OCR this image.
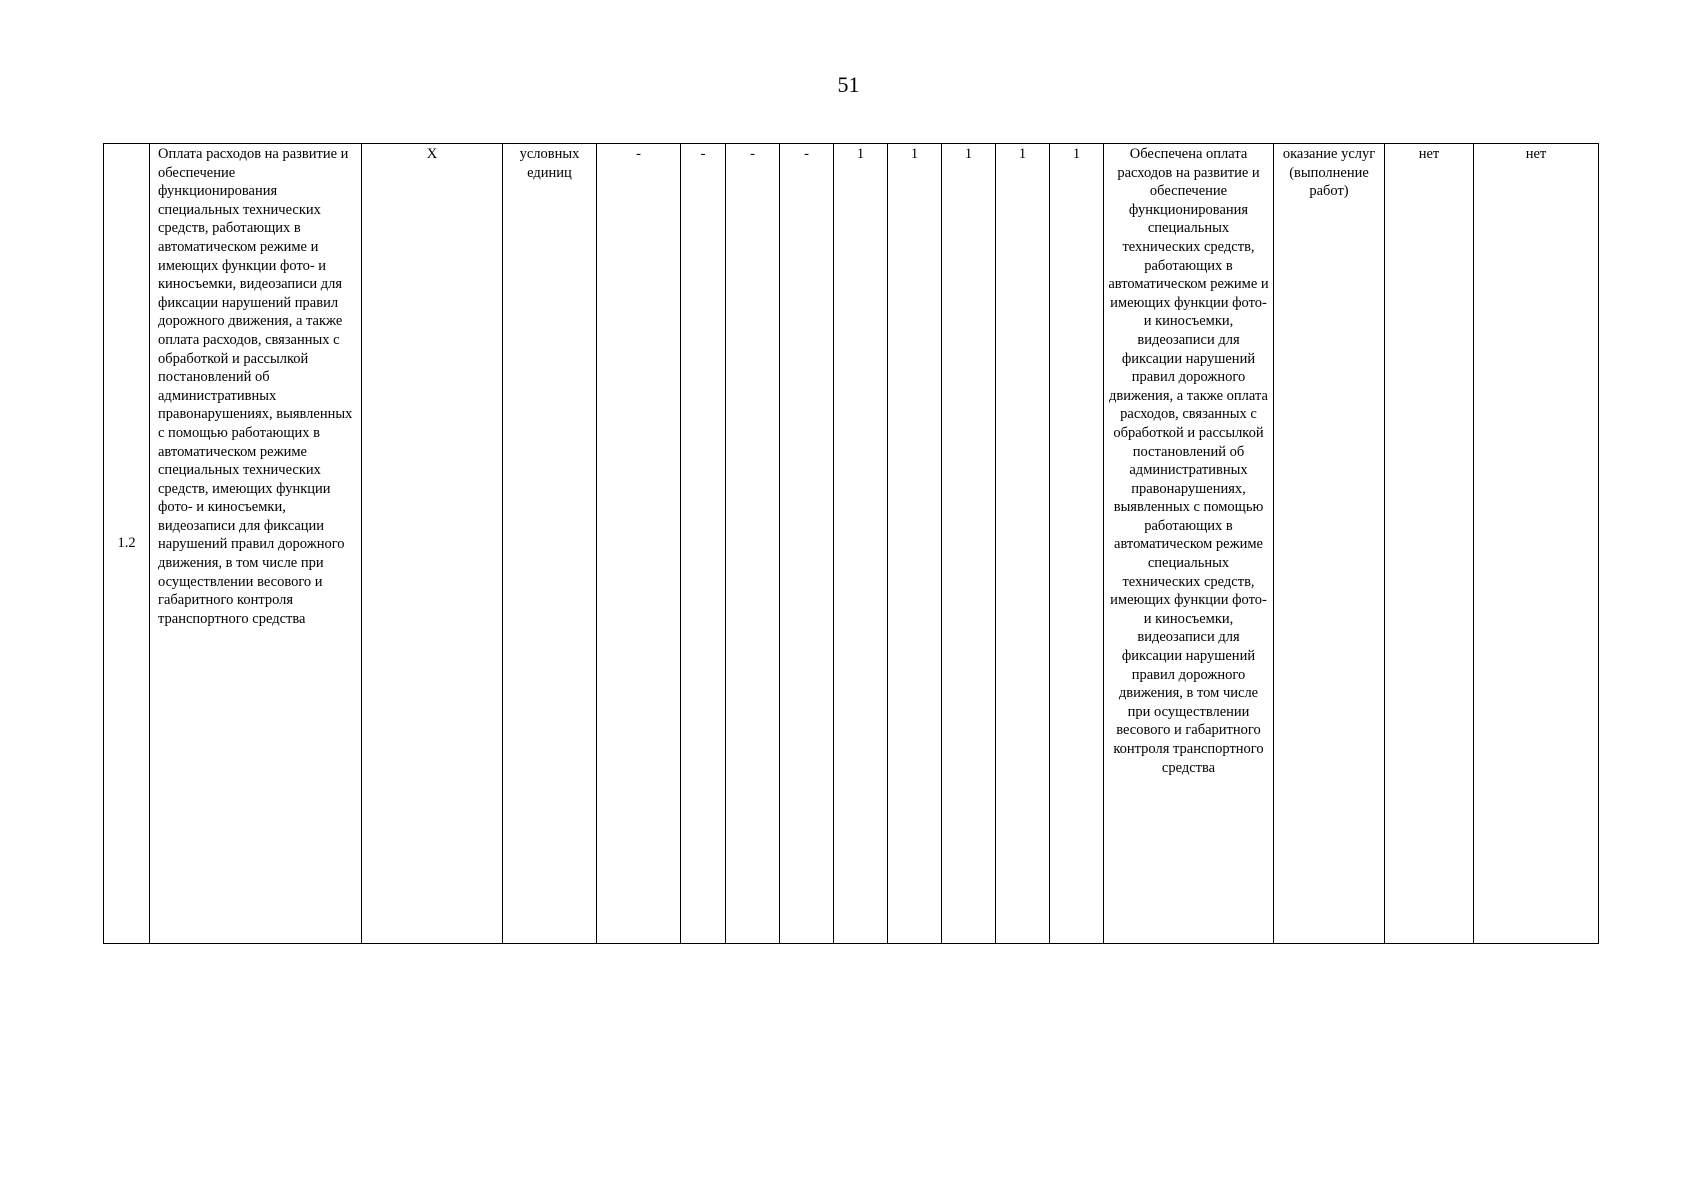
51
1.2	Оплата расходов на развитие и обеспечение функционирования специальных технических средств, работающих в автоматическом режиме и имеющих функции фото- и киносъемки, видеозаписи для фиксации нарушений правил дорожного движения, а также оплата расходов, связанных с обработкой и рассылкой постановлений об административных правонарушениях, выявленных с помощью работающих в автоматическом режиме специальных технических средств, имеющих функции фото- и киносъемки, видеозаписи для фиксации нарушений правил дорожного движения, в том числе при осуществлении весового и габаритного контроля транспортного средства	Х	условных единиц	-	-	-	-	1	1	1	1	1	Обеспечена оплата расходов на развитие и обеспечение функционирования специальных технических средств, работающих в автоматическом режиме и имеющих функции фото- и киносъемки, видеозаписи для фиксации нарушений правил дорожного движения, а также оплата расходов, связанных с обработкой и рассылкой постановлений об административных правонарушениях, выявленных с помощью работающих в автоматическом режиме специальных технических средств, имеющих функции фото- и киносъемки, видеозаписи для фиксации нарушений правил дорожного движения, в том числе при осуществлении весового и габаритного контроля транспортного средства	оказание услуг (выполнение работ)	нет	нет
